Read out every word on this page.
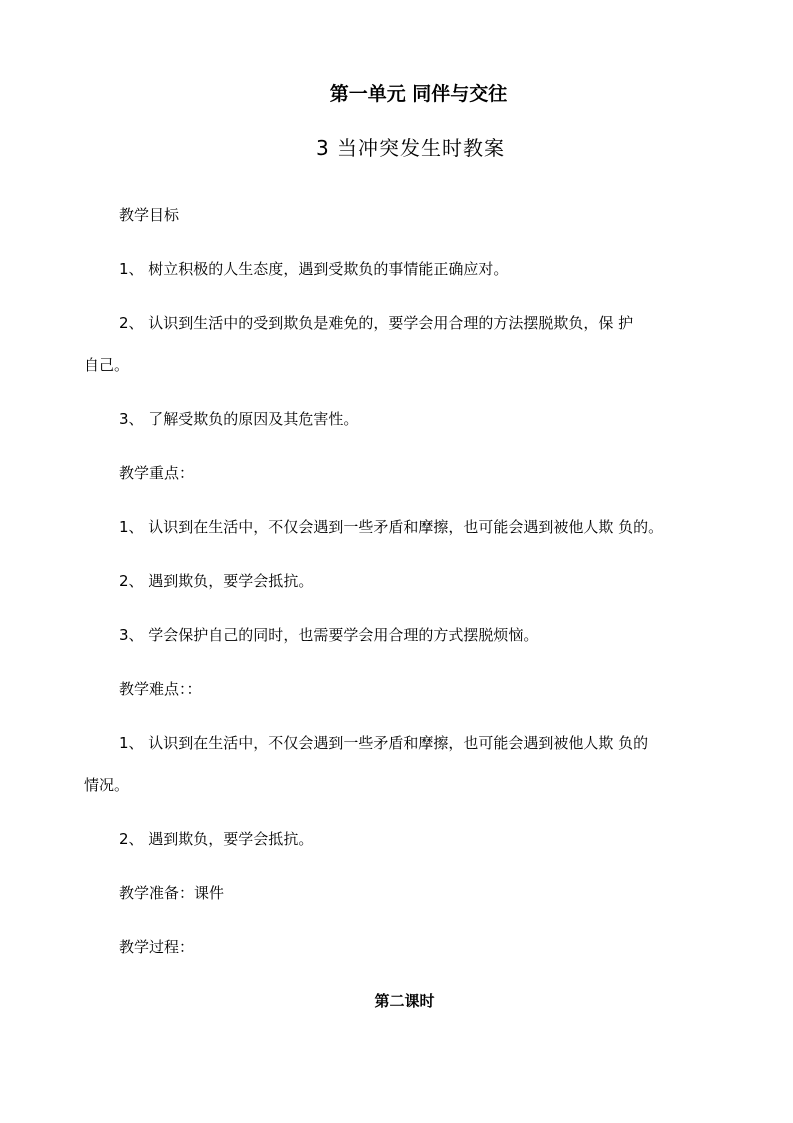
第一单元 同伴与交往
3 当冲突发生时教案
教学目标
1、 树立积极的人生态度，遇到受欺负的事情能正确应对。
2、 认识到生活中的受到欺负是难免的，要学会用合理的方法摆脱欺负，保 护
自己。
3、 了解受欺负的原因及其危害性。
教学重点：
1、 认识到在生活中，不仅会遇到一些矛盾和摩擦，也可能会遇到被他人欺 负的。
2、 遇到欺负，要学会抵抗。
3、 学会保护自己的同时，也需要学会用合理的方式摆脱烦恼。
教学难点：：
1、 认识到在生活中，不仅会遇到一些矛盾和摩擦，也可能会遇到被他人欺 负的
情况。
2、 遇到欺负，要学会抵抗。
教学准备：课件
教学过程：
第二课时
